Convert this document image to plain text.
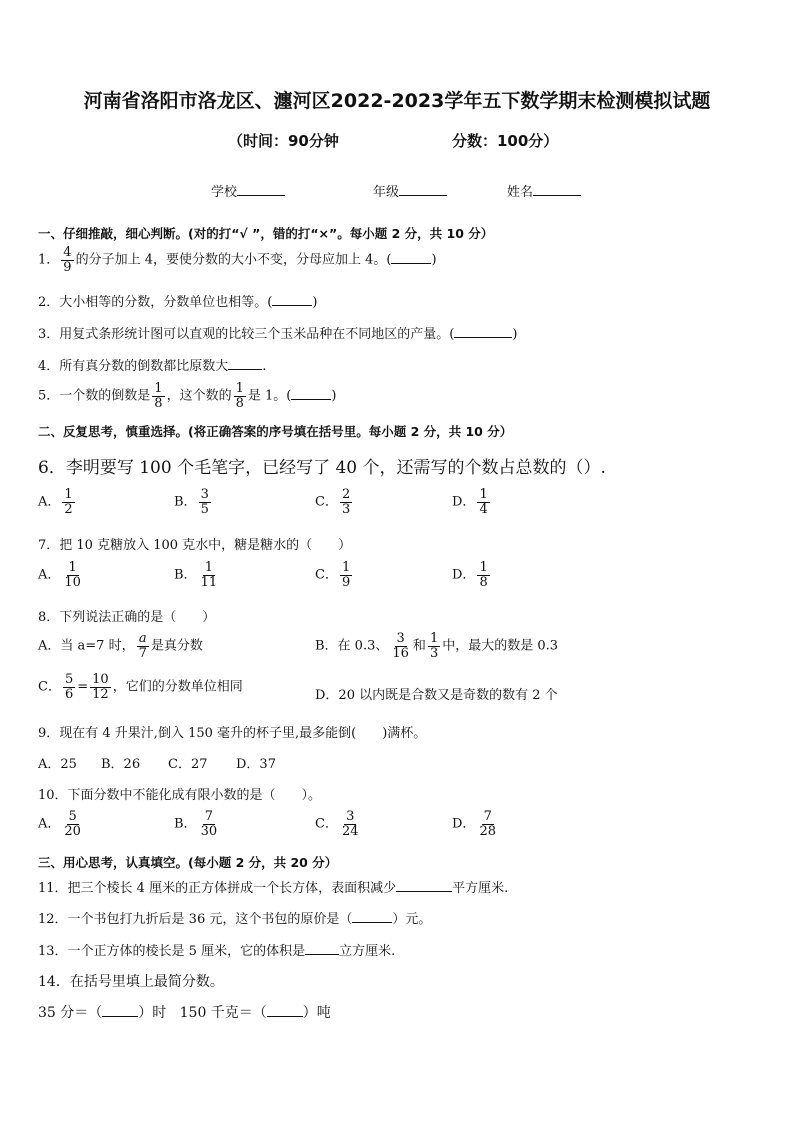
河南省洛阳市洛龙区、瀍河区2022-2023学年五下数学期末检测模拟试题
（时间：90分钟	分数：100分）
学校	年级	姓名
一、仔细推敲，细心判断。(对的打“√ ”，错的打“×”。每小题 2 分，共 10 分）
1． $\frac{4}{9}$ 的分子加上 4，要使分数的大小不变，分母应加上 4。(	)
2．大小相等的分数，分数单位也相等。(	)
3．用复式条形统计图可以直观的比较三个玉米品种在不同地区的产量。(	)
4．所有真分数的倒数都比原数大	.
5．一个数的倒数是 $\frac{1}{8}$ ，这个数的 $\frac{1}{8}$ 是 1。(	)
二、反复思考，慎重选择。(将正确答案的序号填在括号里。每小题 2 分，共 10 分）
6．李明要写 100 个毛笔字，已经写了 40 个，还需写的个数占总数的（）.
A． $\frac{1}{2}$	B． $\frac{3}{5}$	C． $\frac{2}{3}$	D． $\frac{1}{4}$
7．把 10 克糖放入 100 克水中，糖是糖水的（　　）
A． $\frac{1}{10}$	B． $\frac{1}{11}$	C． $\frac{1}{9}$	D． $\frac{1}{8}$
8．下列说法正确的是（　　）
A．当 a=7 时， $\frac{a}{7}$ 是真分数	B．在 0.3、 $\frac{3}{16}$ 和 $\frac{1}{3}$ 中，最大的数是 0.3
C． $\frac{5}{6} = \frac{10}{12}$ ，它们的分数单位相同
D．20 以内既是合数又是奇数的数有 2 个
9．现在有 4 升果汁,倒入 150 毫升的杯子里,最多能倒(　　)满杯。
A．25 B．26 C．27 D．37
10．下面分数中不能化成有限小数的是（　　）。
A． $\frac{5}{20}$	B． $\frac{7}{30}$	C． $\frac{3}{24}$	D． $\frac{7}{28}$
三、用心思考，认真填空。(每小题 2 分，共 20 分）
11．把三个棱长 4 厘米的正方体拼成一个长方体，表面积减少	平方厘米.
12．一个书包打九折后是 36 元，这个书包的原价是（	）元。
13．一个正方体的棱长是 5 厘米，它的体积是	立方厘米.
14．在括号里填上最简分数。
35 分＝（	）时 150 千克＝（	）吨
